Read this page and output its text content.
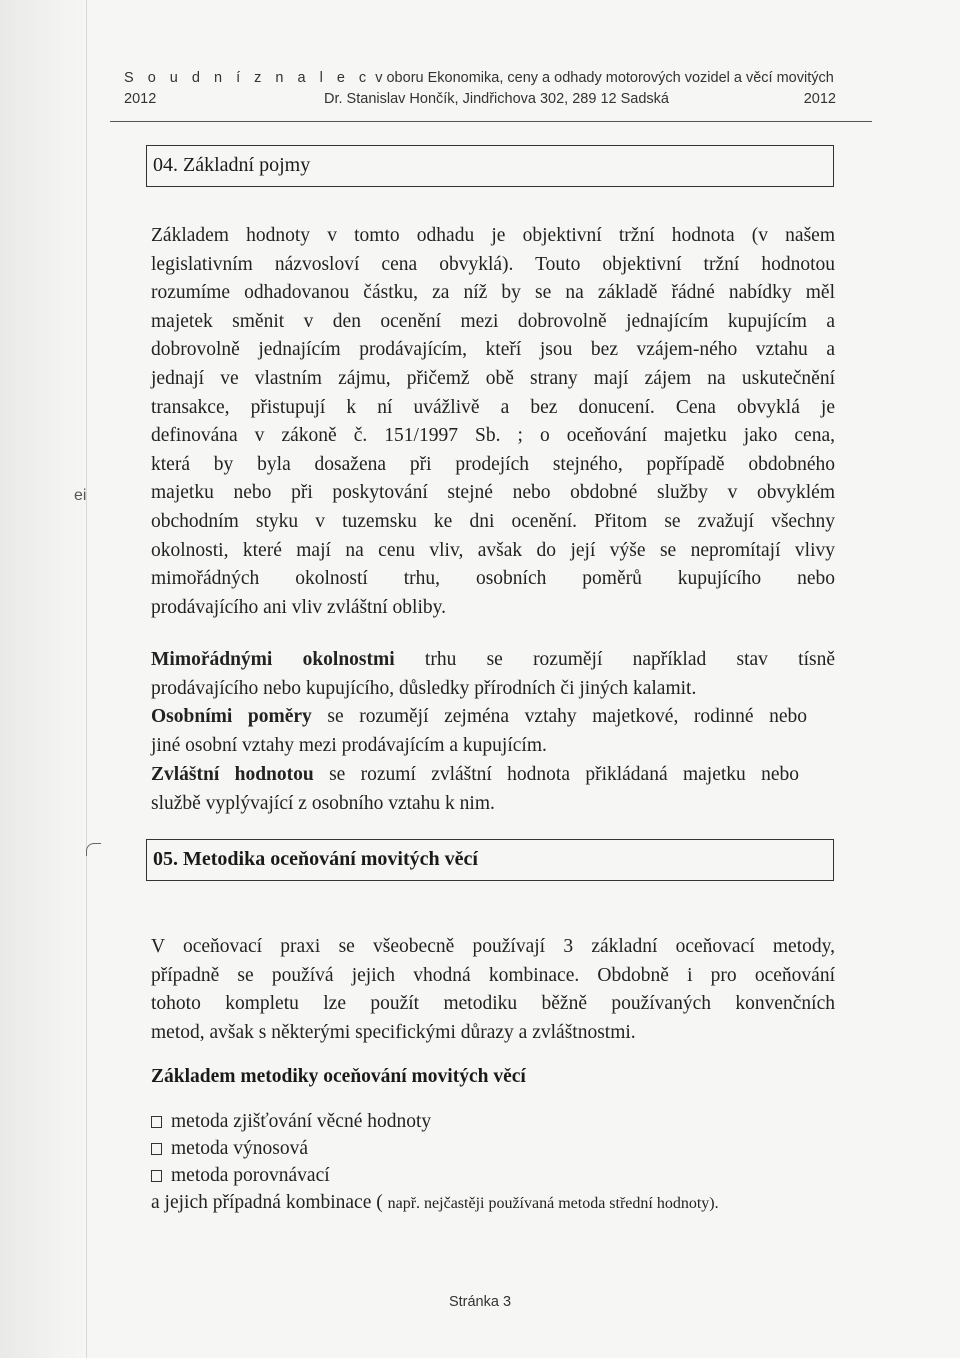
ei
S o u d n í z n a l e c v oboru Ekonomika, ceny a odhady motorových vozidel a věcí movitých
2012	Dr. Stanislav Hončík, Jindřichova 302, 289 12 Sadská	2012
04. Základní pojmy
Základem hodnoty v tomto odhadu je objektivní tržní hodnota (v našem
legislativním názvosloví cena obvyklá). Touto objektivní tržní hodnotou
rozumíme odhadovanou částku, za níž by se na základě řádné nabídky měl
majetek směnit v den ocenění mezi dobrovolně jednajícím kupujícím a
dobrovolně jednajícím prodávajícím, kteří jsou bez vzájem-ného vztahu a
jednají ve vlastním zájmu, přičemž obě strany mají zájem na uskutečnění
transakce, přistupují k ní uvážlivě a bez donucení. Cena obvyklá je
definována v zákoně č. 151/1997 Sb. ; o oceňování majetku jako cena,
která by byla dosažena při prodejích stejného, popřípadě obdobného
majetku nebo při poskytování stejné nebo obdobné služby v obvyklém
obchodním styku v tuzemsku ke dni ocenění. Přitom se zvažují všechny
okolnosti, které mají na cenu vliv, avšak do její výše se nepromítají vlivy
mimořádných okolností trhu, osobních poměrů kupujícího nebo
prodávajícího ani vliv zvláštní obliby.
Mimořádnými okolnostmi trhu se rozumějí například stav tísně
prodávajícího nebo kupujícího, důsledky přírodních či jiných kalamit.
Osobními poměry se rozumějí zejména vztahy majetkové, rodinné nebo
jiné osobní vztahy mezi prodávajícím a kupujícím.
Zvláštní hodnotou se rozumí zvláštní hodnota přikládaná majetku nebo
službě vyplývající z osobního vztahu k nim.
05. Metodika oceňování movitých věcí
V oceňovací praxi se všeobecně používají 3 základní oceňovací metody,
případně se používá jejich vhodná kombinace. Obdobně i pro oceňování
tohoto kompletu lze použít metodiku běžně používaných konvenčních
metod, avšak s některými specifickými důrazy a zvláštnostmi.
Základem metodiky oceňování movitých věcí
metoda zjišťování věcné hodnoty
metoda výnosová
metoda porovnávací
a jejich případná kombinace ( např. nejčastěji používaná metoda střední hodnoty).
Stránka 3
